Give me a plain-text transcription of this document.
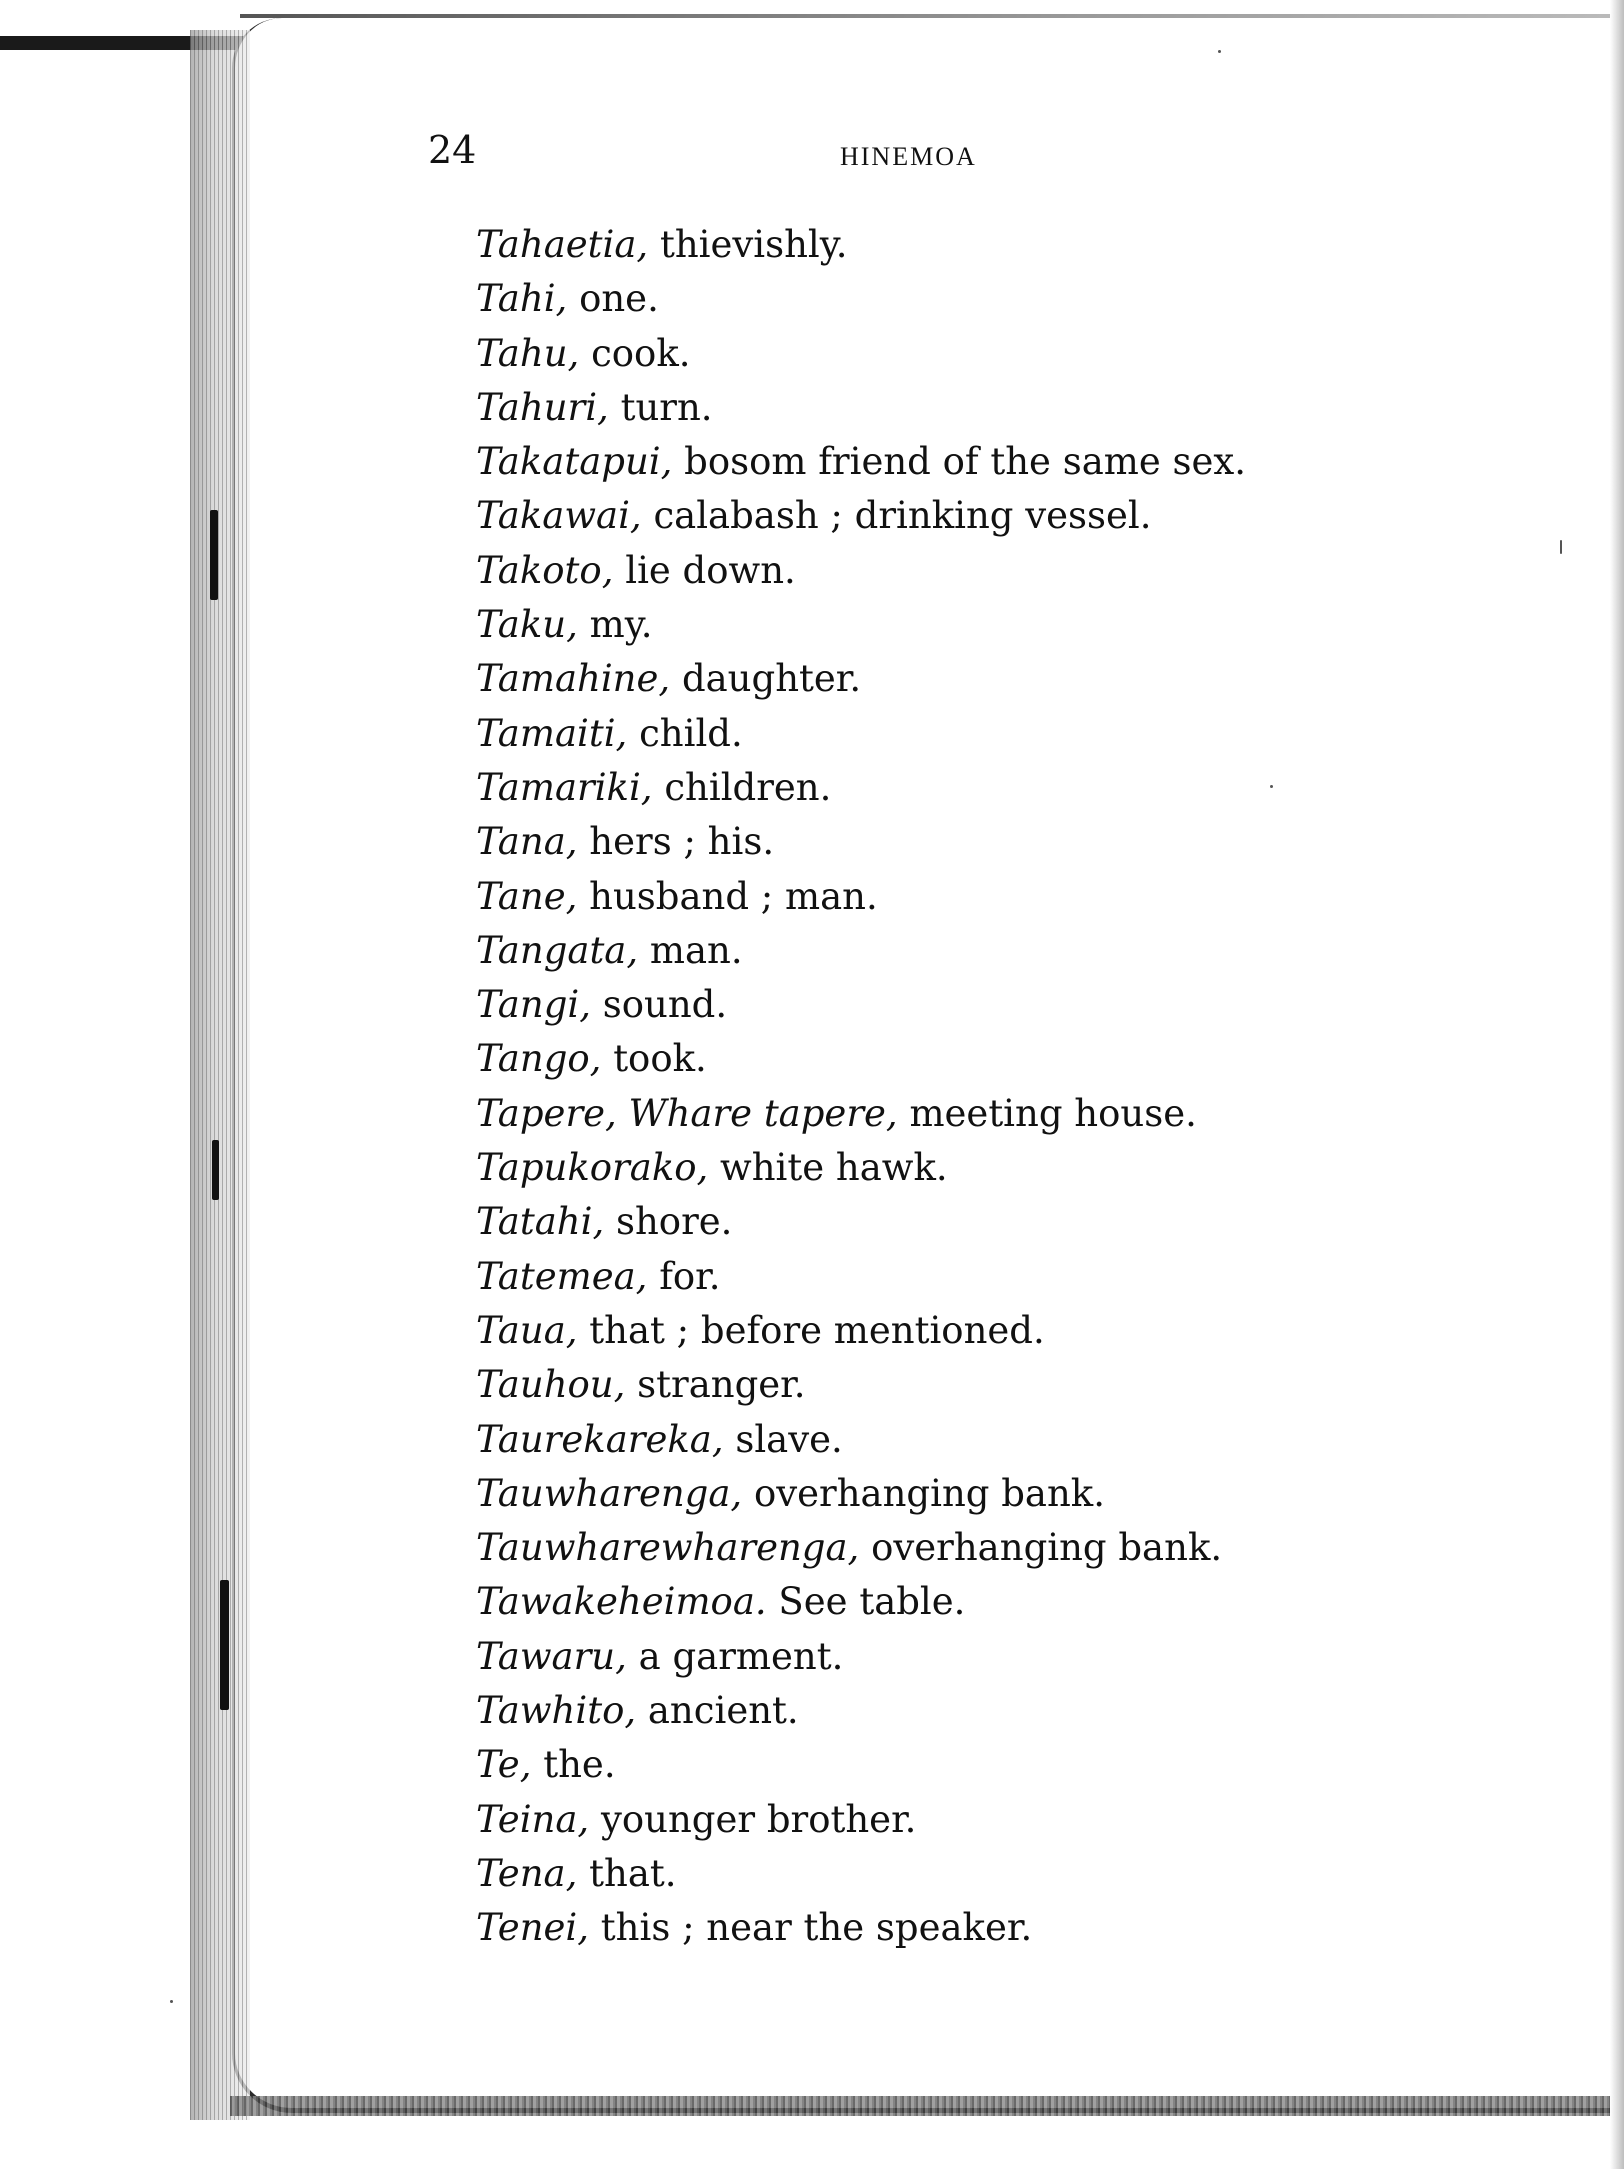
24	HINEMOA
Tahaetia, thievishly.
Tahi, one.
Tahu, cook.
Tahuri, turn.
Takatapui, bosom friend of the same sex.
Takawai, calabash ; drinking vessel.
Takoto, lie down.
Taku, my.
Tamahine, daughter.
Tamaiti, child.
Tamariki, children.
Tana, hers ; his.
Tane, husband ; man.
Tangata, man.
Tangi, sound.
Tango, took.
Tapere, Whare tapere, meeting house.
Tapukorako, white hawk.
Tatahi, shore.
Tatemea, for.
Taua, that ; before mentioned.
Tauhou, stranger.
Taurekareka, slave.
Tauwharenga, overhanging bank.
Tauwharewharenga, overhanging bank.
Tawakeheimoa. See table.
Tawaru, a garment.
Tawhito, ancient.
Te, the.
Teina, younger brother.
Tena, that.
Tenei, this ; near the speaker.
